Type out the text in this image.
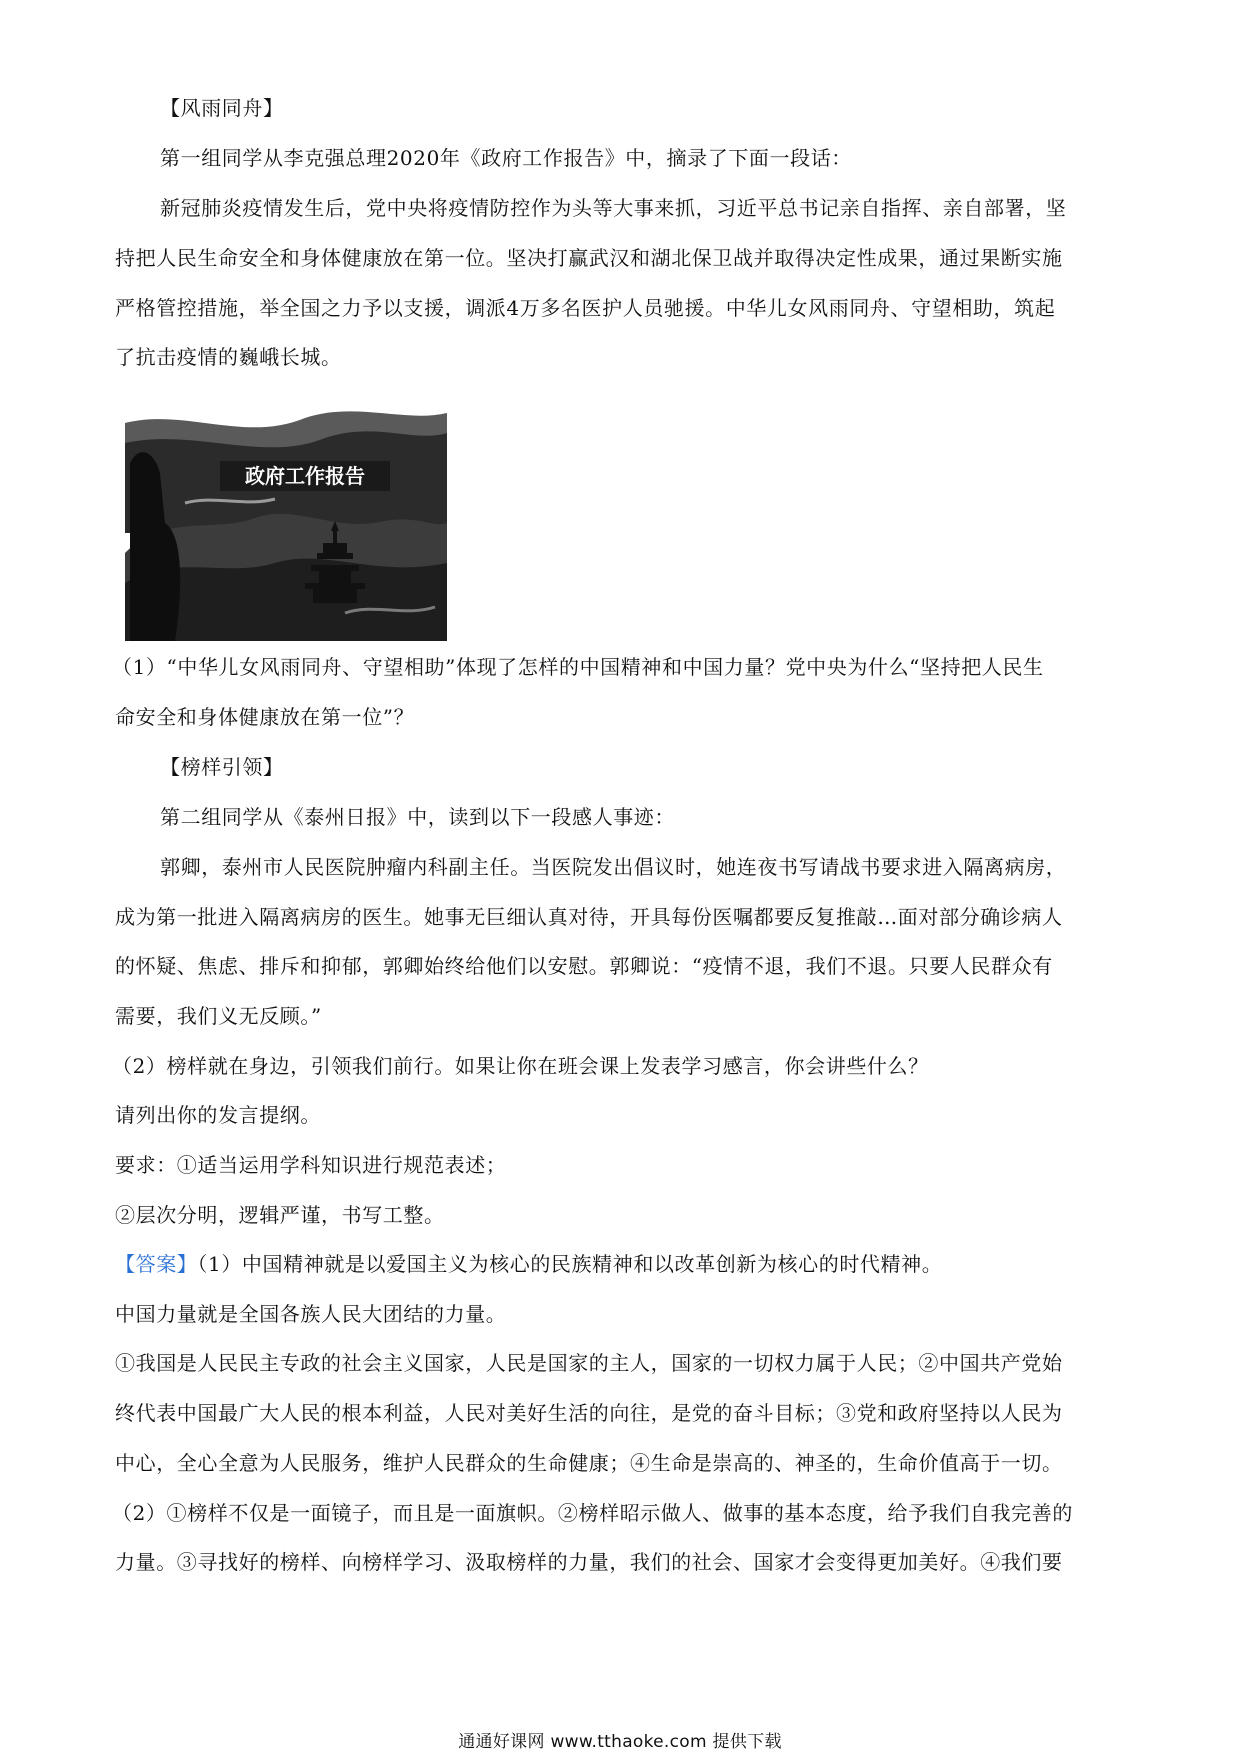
【风雨同舟】
第一组同学从李克强总理2020年《政府工作报告》中，摘录了下面一段话：
新冠肺炎疫情发生后，党中央将疫情防控作为头等大事来抓，习近平总书记亲自指挥、亲自部署，坚
持把人民生命安全和身体健康放在第一位。坚决打赢武汉和湖北保卫战并取得决定性成果，通过果断实施
严格管控措施，举全国之力予以支援，调派4万多名医护人员驰援。中华儿女风雨同舟、守望相助，筑起
了抗击疫情的巍峨长城。
政府工作报告
（1）“中华儿女风雨同舟、守望相助”体现了怎样的中国精神和中国力量？党中央为什么“坚持把人民生
命安全和身体健康放在第一位”？
【榜样引领】
第二组同学从《泰州日报》中，读到以下一段感人事迹：
郭卿，泰州市人民医院肿瘤内科副主任。当医院发出倡议时，她连夜书写请战书要求进入隔离病房，
成为第一批进入隔离病房的医生。她事无巨细认真对待，开具每份医嘱都要反复推敲…面对部分确诊病人
的怀疑、焦虑、排斥和抑郁，郭卿始终给他们以安慰。郭卿说：“疫情不退，我们不退。只要人民群众有
需要，我们义无反顾。”
（2）榜样就在身边，引领我们前行。如果让你在班会课上发表学习感言，你会讲些什么？
请列出你的发言提纲。
要求：①适当运用学科知识进行规范表述；
②层次分明，逻辑严谨，书写工整。
【答案】（1）中国精神就是以爱国主义为核心的民族精神和以改革创新为核心的时代精神。
中国力量就是全国各族人民大团结的力量。
①我国是人民民主专政的社会主义国家，人民是国家的主人，国家的一切权力属于人民；②中国共产党始
终代表中国最广大人民的根本利益，人民对美好生活的向往，是党的奋斗目标；③党和政府坚持以人民为
中心，全心全意为人民服务，维护人民群众的生命健康；④生命是崇高的、神圣的，生命价值高于一切。
（2）①榜样不仅是一面镜子，而且是一面旗帜。②榜样昭示做人、做事的基本态度，给予我们自我完善的
力量。③寻找好的榜样、向榜样学习、汲取榜样的力量，我们的社会、国家才会变得更加美好。④我们要
通通好课网 www.tthaoke.com 提供下载
